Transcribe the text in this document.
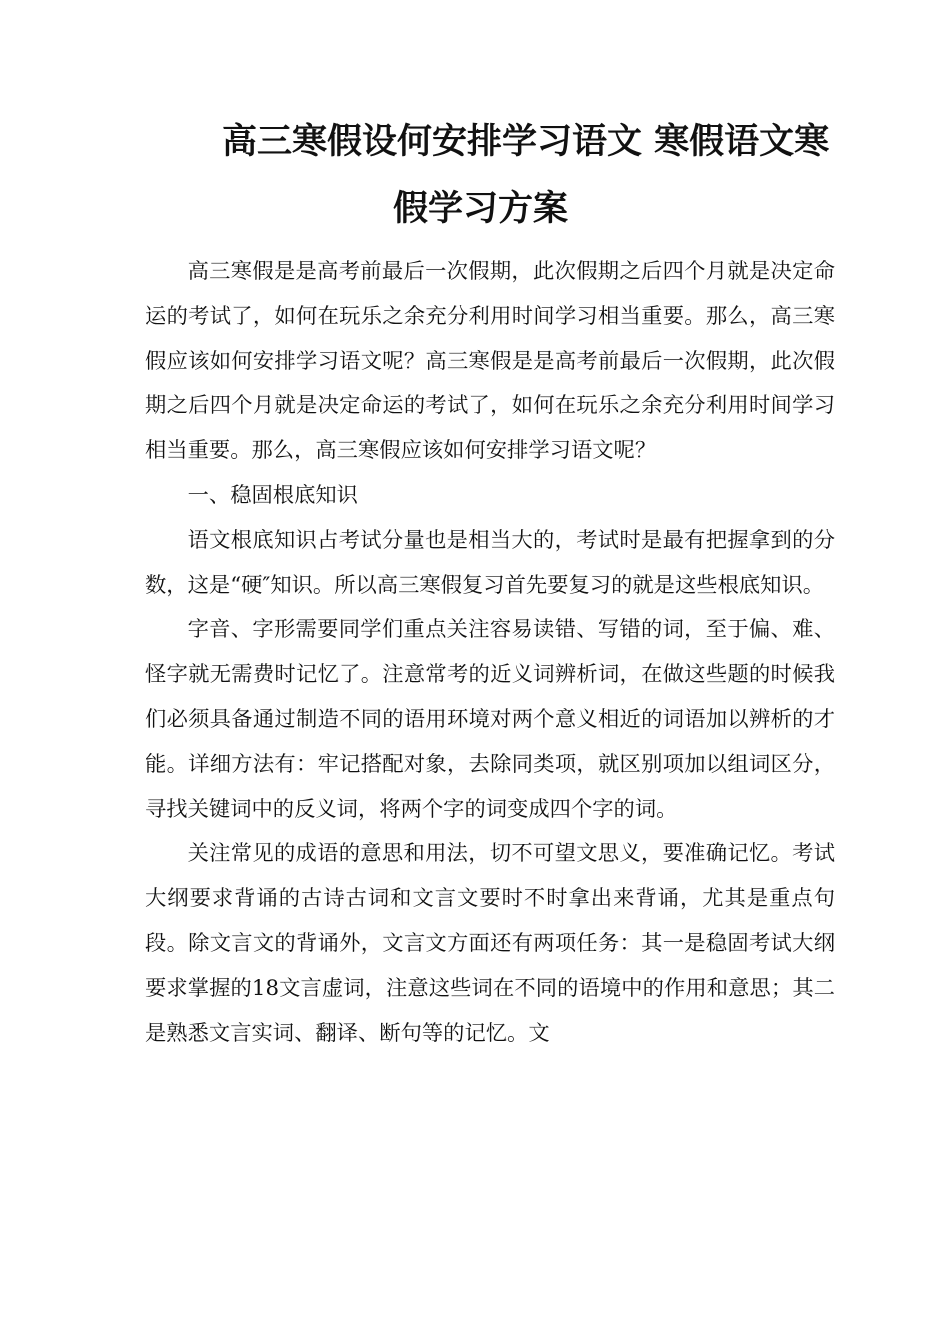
高三寒假设何安排学习语文 寒假语文寒
假学习方案

高三寒假是是高考前最后一次假期，此次假期之后四个月就是决定命运的考试了，如何在玩乐之余充分利用时间学习相当重要。那么，高三寒假应该如何安排学习语文呢？高三寒假是是高考前最后一次假期，此次假期之后四个月就是决定命运的考试了，如何在玩乐之余充分利用时间学习相当重要。那么，高三寒假应该如何安排学习语文呢？

一、稳固根底知识

语文根底知识占考试分量也是相当大的，考试时是最有把握拿到的分数，这是“硬″知识。所以高三寒假复习首先要复习的就是这些根底知识。

字音、字形需要同学们重点关注容易读错、写错的词，至于偏、难、怪字就无需费时记忆了。注意常考的近义词辨析词，在做这些题的时候我们必须具备通过制造不同的语用环境对两个意义相近的词语加以辨析的才能。详细方法有：牢记搭配对象，去除同类项，就区别项加以组词区分，寻找关键词中的反义词，将两个字的词变成四个字的词。

关注常见的成语的意思和用法，切不可望文思义，要准确记忆。考试大纲要求背诵的古诗古词和文言文要时不时拿出来背诵，尤其是重点句段。除文言文的背诵外，文言文方面还有两项任务：其一是稳固考试大纲要求掌握的18文言虚词，注意这些词在不同的语境中的作用和意思；其二是熟悉文言实词、翻译、断句等的记忆。文
